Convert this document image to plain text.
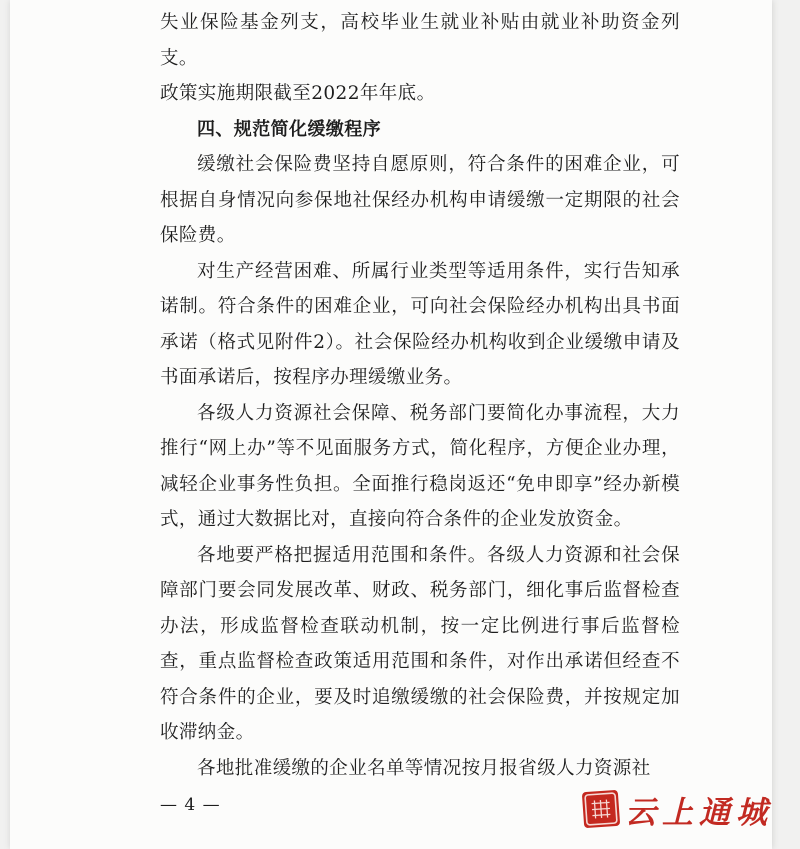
失业保险基金列支，高校毕业生就业补贴由就业补助资金列支。

政策实施期限截至2022年年底。

四、规范简化缓缴程序

缓缴社会保险费坚持自愿原则，符合条件的困难企业，可根据自身情况向参保地社保经办机构申请缓缴一定期限的社会保险费。

对生产经营困难、所属行业类型等适用条件，实行告知承诺制。符合条件的困难企业，可向社会保险经办机构出具书面承诺（格式见附件2）。社会保险经办机构收到企业缓缴申请及书面承诺后，按程序办理缓缴业务。

各级人力资源社会保障、税务部门要简化办事流程，大力推行“网上办”等不见面服务方式，简化程序，方便企业办理，减轻企业事务性负担。全面推行稳岗返还“免申即享”经办新模式，通过大数据比对，直接向符合条件的企业发放资金。

各地要严格把握适用范围和条件。各级人力资源和社会保障部门要会同发展改革、财政、税务部门，细化事后监督检查办法，形成监督检查联动机制，按一定比例进行事后监督检查，重点监督检查政策适用范围和条件，对作出承诺但经查不符合条件的企业，要及时追缴缓缴的社会保险费，并按规定加收滞纳金。

各地批准缓缴的企业名单等情况按月报省级人力资源社

— 4 —	云上通城
